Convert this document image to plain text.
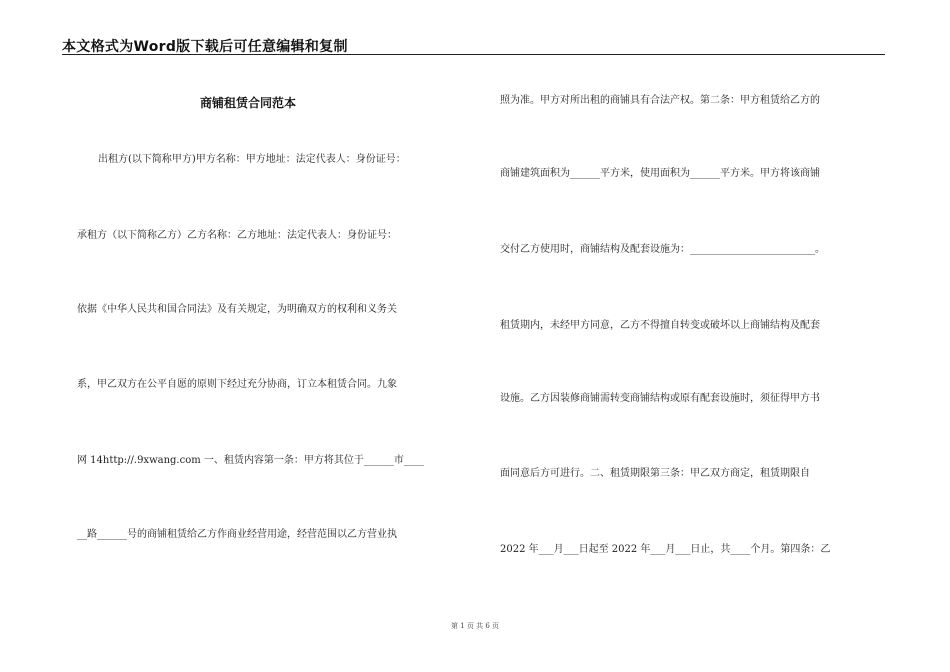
本文格式为Word版下载后可任意编辑和复制
商铺租赁合同范本
出租方(以下简称甲方)甲方名称：甲方地址：法定代表人：身份证号：
承租方（以下简称乙方）乙方名称：乙方地址：法定代表人：身份证号：
依据《中华人民共和国合同法》及有关规定，为明确双方的权利和义务关
系，甲乙双方在公平自愿的原则下经过充分协商，订立本租赁合同。九象
网 14http://.9xwang.com 一、租赁内容第一条：甲方将其位于______市____
__路______号的商铺租赁给乙方作商业经营用途，经营范围以乙方营业执
照为准。甲方对所出租的商铺具有合法产权。第二条：甲方租赁给乙方的
商铺建筑面积为______平方米，使用面积为______平方米。甲方将该商铺
交付乙方使用时，商铺结构及配套设施为：_________________________。
租赁期内，未经甲方同意，乙方不得擅自转变或破坏以上商铺结构及配套
设施。乙方因装修商铺需转变商铺结构或原有配套设施时，须征得甲方书
面同意后方可进行。二、租赁期限第三条：甲乙双方商定，租赁期限自
2022 年___月___日起至 2022 年___月___日止，共____个月。第四条：乙
第 1 页 共 6 页
